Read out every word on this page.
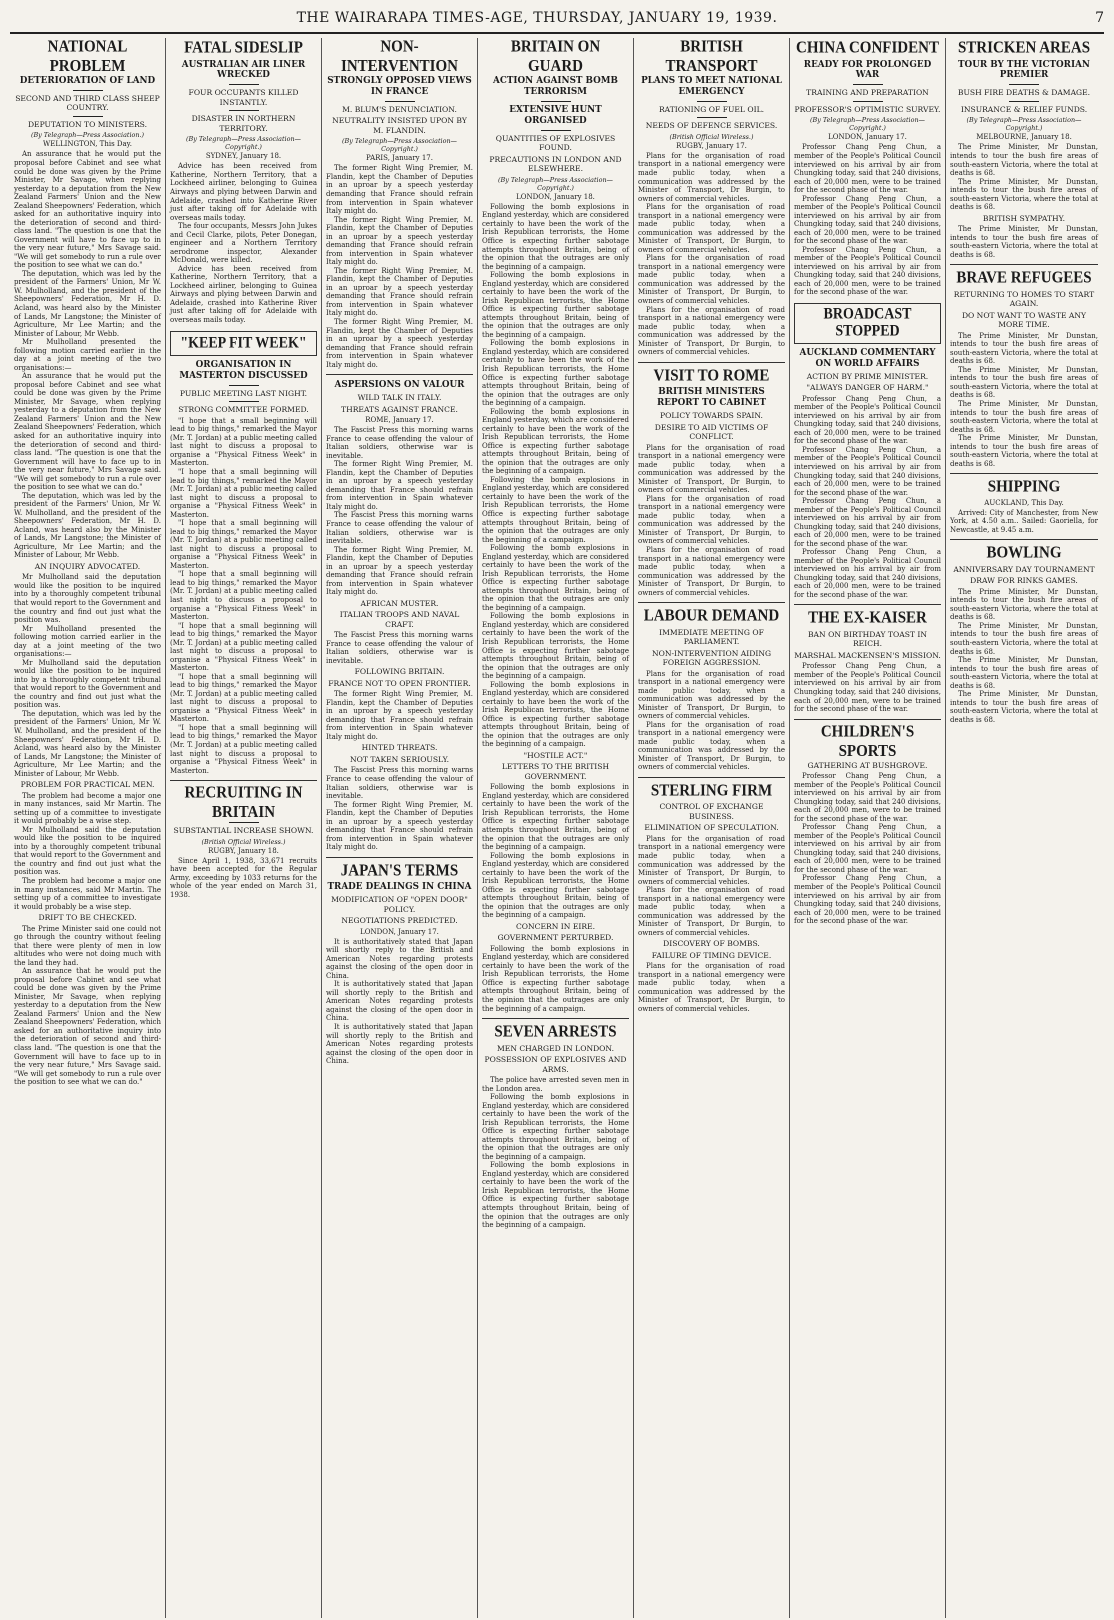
THE WAIRARAPA TIMES-AGE, THURSDAY, JANUARY 19, 1939.	7
NATIONAL PROBLEM
DETERIORATION OF LAND
SECOND AND THIRD CLASS SHEEP COUNTRY.
DEPUTATION TO MINISTERS.
(By Telegraph—Press Association.)
WELLINGTON, This Day.

An assurance that he would put the proposal before Cabinet and see what could be done was given by the Prime Minister, Mr Savage, when replying yesterday to a deputation from the New Zealand Farmers' Union and the New Zealand Sheepowners' Federation, which asked for an authoritative inquiry into the deterioration of second and third-class land. "The question is one that the Government will have to face up to in the very near future," Mrs Savage said. "We will get somebody to run a rule over the position to see what we can do."

The deputation, which was led by the president of the Farmers' Union, Mr W. W. Mulholland, and the president of the Sheepowners' Federation, Mr H. D. Acland, was heard also by the Minister of Lands, Mr Langstone; the Minister of Agriculture, Mr Lee Martin; and the Minister of Labour, Mr Webb.

Mr Mulholland presented the following motion carried earlier in the day at a joint meeting of the two organisations:—

An assurance that he would put the proposal before Cabinet and see what could be done was given by the Prime Minister, Mr Savage, when replying yesterday to a deputation from the New Zealand Farmers' Union and the New Zealand Sheepowners' Federation, which asked for an authoritative inquiry into the deterioration of second and third-class land. "The question is one that the Government will have to face up to in the very near future," Mrs Savage said. "We will get somebody to run a rule over the position to see what we can do."

The deputation, which was led by the president of the Farmers' Union, Mr W. W. Mulholland, and the president of the Sheepowners' Federation, Mr H. D. Acland, was heard also by the Minister of Lands, Mr Langstone; the Minister of Agriculture, Mr Lee Martin; and the Minister of Labour, Mr Webb.

AN INQUIRY ADVOCATED.

Mr Mulholland said the deputation would like the position to be inquired into by a thoroughly competent tribunal that would report to the Government and the country and find out just what the position was.

Mr Mulholland presented the following motion carried earlier in the day at a joint meeting of the two organisations:—

Mr Mulholland said the deputation would like the position to be inquired into by a thoroughly competent tribunal that would report to the Government and the country and find out just what the position was.

The deputation, which was led by the president of the Farmers' Union, Mr W. W. Mulholland, and the president of the Sheepowners' Federation, Mr H. D. Acland, was heard also by the Minister of Lands, Mr Langstone; the Minister of Agriculture, Mr Lee Martin; and the Minister of Labour, Mr Webb.

PROBLEM FOR PRACTICAL MEN.

The problem had become a major one in many instances, said Mr Martin. The setting up of a committee to investigate it would probably be a wise step.

Mr Mulholland said the deputation would like the position to be inquired into by a thoroughly competent tribunal that would report to the Government and the country and find out just what the position was.

The problem had become a major one in many instances, said Mr Martin. The setting up of a committee to investigate it would probably be a wise step.

DRIFT TO BE CHECKED.

The Prime Minister said one could not go through the country without feeling that there were plenty of men in low altitudes who were not doing much with the land they had.

An assurance that he would put the proposal before Cabinet and see what could be done was given by the Prime Minister, Mr Savage, when replying yesterday to a deputation from the New Zealand Farmers' Union and the New Zealand Sheepowners' Federation, which asked for an authoritative inquiry into the deterioration of second and third-class land. "The question is one that the Government will have to face up to in the very near future," Mrs Savage said. "We will get somebody to run a rule over the position to see what we can do."

FATAL SIDESLIP
AUSTRALIAN AIR LINER WRECKED
FOUR OCCUPANTS KILLED INSTANTLY.
DISASTER IN NORTHERN TERRITORY.
(By Telegraph—Press Association—Copyright.)
SYDNEY, January 18.

Advice has been received from Katherine, Northern Territory, that a Lockheed airliner, belonging to Guinea Airways and plying between Darwin and Adelaide, crashed into Katherine River just after taking off for Adelaide with overseas mails today.

The four occupants, Messrs John Jukes and Cecil Clarke, pilots, Peter Donegan, engineer and a Northern Territory aerodrome inspector, Alexander McDonald, were killed.

Advice has been received from Katherine, Northern Territory, that a Lockheed airliner, belonging to Guinea Airways and plying between Darwin and Adelaide, crashed into Katherine River just after taking off for Adelaide with overseas mails today.

"KEEP FIT WEEK"
ORGANISATION IN MASTERTON DISCUSSED
PUBLIC MEETING LAST NIGHT.
STRONG COMMITTEE FORMED.

"I hope that a small beginning will lead to big things," remarked the Mayor (Mr. T. Jordan) at a public meeting called last night to discuss a proposal to organise a "Physical Fitness Week" in Masterton.

"I hope that a small beginning will lead to big things," remarked the Mayor (Mr. T. Jordan) at a public meeting called last night to discuss a proposal to organise a "Physical Fitness Week" in Masterton.

"I hope that a small beginning will lead to big things," remarked the Mayor (Mr. T. Jordan) at a public meeting called last night to discuss a proposal to organise a "Physical Fitness Week" in Masterton.

"I hope that a small beginning will lead to big things," remarked the Mayor (Mr. T. Jordan) at a public meeting called last night to discuss a proposal to organise a "Physical Fitness Week" in Masterton.

"I hope that a small beginning will lead to big things," remarked the Mayor (Mr. T. Jordan) at a public meeting called last night to discuss a proposal to organise a "Physical Fitness Week" in Masterton.

"I hope that a small beginning will lead to big things," remarked the Mayor (Mr. T. Jordan) at a public meeting called last night to discuss a proposal to organise a "Physical Fitness Week" in Masterton.

"I hope that a small beginning will lead to big things," remarked the Mayor (Mr. T. Jordan) at a public meeting called last night to discuss a proposal to organise a "Physical Fitness Week" in Masterton.

RECRUITING IN BRITAIN
SUBSTANTIAL INCREASE SHOWN.
(British Official Wireless.)
RUGBY, January 18.

Since April 1, 1938, 33,671 recruits have been accepted for the Regular Army, exceeding by 1033 returns for the whole of the year ended on March 31, 1938.

NON-INTERVENTION
STRONGLY OPPOSED VIEWS IN FRANCE
M. BLUM'S DENUNCIATION.
NEUTRALITY INSISTED UPON BY M. FLANDIN.
(By Telegraph—Press Association—Copyright.)
PARIS, January 17.

The former Right Wing Premier, M. Flandin, kept the Chamber of Deputies in an uproar by a speech yesterday demanding that France should refrain from intervention in Spain whatever Italy might do.

The former Right Wing Premier, M. Flandin, kept the Chamber of Deputies in an uproar by a speech yesterday demanding that France should refrain from intervention in Spain whatever Italy might do.

The former Right Wing Premier, M. Flandin, kept the Chamber of Deputies in an uproar by a speech yesterday demanding that France should refrain from intervention in Spain whatever Italy might do.

The former Right Wing Premier, M. Flandin, kept the Chamber of Deputies in an uproar by a speech yesterday demanding that France should refrain from intervention in Spain whatever Italy might do.

ASPERSIONS ON VALOUR
WILD TALK IN ITALY.
THREATS AGAINST FRANCE.
ROME, January 17.

The Fascist Press this morning warns France to cease offending the valour of Italian soldiers, otherwise war is inevitable.

The former Right Wing Premier, M. Flandin, kept the Chamber of Deputies in an uproar by a speech yesterday demanding that France should refrain from intervention in Spain whatever Italy might do.

The Fascist Press this morning warns France to cease offending the valour of Italian soldiers, otherwise war is inevitable.

The former Right Wing Premier, M. Flandin, kept the Chamber of Deputies in an uproar by a speech yesterday demanding that France should refrain from intervention in Spain whatever Italy might do.

AFRICAN MUSTER.
ITALIAN TROOPS AND NAVAL CRAFT.

The Fascist Press this morning warns France to cease offending the valour of Italian soldiers, otherwise war is inevitable.

FOLLOWING BRITAIN.
FRANCE NOT TO OPEN FRONTIER.

The former Right Wing Premier, M. Flandin, kept the Chamber of Deputies in an uproar by a speech yesterday demanding that France should refrain from intervention in Spain whatever Italy might do.

HINTED THREATS.
NOT TAKEN SERIOUSLY.

The Fascist Press this morning warns France to cease offending the valour of Italian soldiers, otherwise war is inevitable.

The former Right Wing Premier, M. Flandin, kept the Chamber of Deputies in an uproar by a speech yesterday demanding that France should refrain from intervention in Spain whatever Italy might do.

JAPAN'S TERMS
TRADE DEALINGS IN CHINA
MODIFICATION OF "OPEN DOOR" POLICY.
NEGOTIATIONS PREDICTED.
LONDON, January 17.

It is authoritatively stated that Japan will shortly reply to the British and American Notes regarding protests against the closing of the open door in China.

It is authoritatively stated that Japan will shortly reply to the British and American Notes regarding protests against the closing of the open door in China.

It is authoritatively stated that Japan will shortly reply to the British and American Notes regarding protests against the closing of the open door in China.

BRITAIN ON GUARD
ACTION AGAINST BOMB TERRORISM
EXTENSIVE HUNT ORGANISED
QUANTITIES OF EXPLOSIVES FOUND.
PRECAUTIONS IN LONDON AND ELSEWHERE.
(By Telegraph—Press Association—Copyright.)
LONDON, January 18.

Following the bomb explosions in England yesterday, which are considered certainly to have been the work of the Irish Republican terrorists, the Home Office is expecting further sabotage attempts throughout Britain, being of the opinion that the outrages are only the beginning of a campaign.

Following the bomb explosions in England yesterday, which are considered certainly to have been the work of the Irish Republican terrorists, the Home Office is expecting further sabotage attempts throughout Britain, being of the opinion that the outrages are only the beginning of a campaign.

Following the bomb explosions in England yesterday, which are considered certainly to have been the work of the Irish Republican terrorists, the Home Office is expecting further sabotage attempts throughout Britain, being of the opinion that the outrages are only the beginning of a campaign.

Following the bomb explosions in England yesterday, which are considered certainly to have been the work of the Irish Republican terrorists, the Home Office is expecting further sabotage attempts throughout Britain, being of the opinion that the outrages are only the beginning of a campaign.

Following the bomb explosions in England yesterday, which are considered certainly to have been the work of the Irish Republican terrorists, the Home Office is expecting further sabotage attempts throughout Britain, being of the opinion that the outrages are only the beginning of a campaign.

Following the bomb explosions in England yesterday, which are considered certainly to have been the work of the Irish Republican terrorists, the Home Office is expecting further sabotage attempts throughout Britain, being of the opinion that the outrages are only the beginning of a campaign.

Following the bomb explosions in England yesterday, which are considered certainly to have been the work of the Irish Republican terrorists, the Home Office is expecting further sabotage attempts throughout Britain, being of the opinion that the outrages are only the beginning of a campaign.

Following the bomb explosions in England yesterday, which are considered certainly to have been the work of the Irish Republican terrorists, the Home Office is expecting further sabotage attempts throughout Britain, being of the opinion that the outrages are only the beginning of a campaign.

"HOSTILE ACT."
LETTERS TO THE BRITISH GOVERNMENT.

Following the bomb explosions in England yesterday, which are considered certainly to have been the work of the Irish Republican terrorists, the Home Office is expecting further sabotage attempts throughout Britain, being of the opinion that the outrages are only the beginning of a campaign.

Following the bomb explosions in England yesterday, which are considered certainly to have been the work of the Irish Republican terrorists, the Home Office is expecting further sabotage attempts throughout Britain, being of the opinion that the outrages are only the beginning of a campaign.

CONCERN IN EIRE.
GOVERNMENT PERTURBED.

Following the bomb explosions in England yesterday, which are considered certainly to have been the work of the Irish Republican terrorists, the Home Office is expecting further sabotage attempts throughout Britain, being of the opinion that the outrages are only the beginning of a campaign.

SEVEN ARRESTS
MEN CHARGED IN LONDON.
POSSESSION OF EXPLOSIVES AND ARMS.

The police have arrested seven men in the London area.

Following the bomb explosions in England yesterday, which are considered certainly to have been the work of the Irish Republican terrorists, the Home Office is expecting further sabotage attempts throughout Britain, being of the opinion that the outrages are only the beginning of a campaign.

Following the bomb explosions in England yesterday, which are considered certainly to have been the work of the Irish Republican terrorists, the Home Office is expecting further sabotage attempts throughout Britain, being of the opinion that the outrages are only the beginning of a campaign.

BRITISH TRANSPORT
PLANS TO MEET NATIONAL EMERGENCY
RATIONING OF FUEL OIL.
NEEDS OF DEFENCE SERVICES.
(British Official Wireless.)
RUGBY, January 17.

Plans for the organisation of road transport in a national emergency were made public today, when a communication was addressed by the Minister of Transport, Dr Burgin, to owners of commercial vehicles.

Plans for the organisation of road transport in a national emergency were made public today, when a communication was addressed by the Minister of Transport, Dr Burgin, to owners of commercial vehicles.

Plans for the organisation of road transport in a national emergency were made public today, when a communication was addressed by the Minister of Transport, Dr Burgin, to owners of commercial vehicles.

Plans for the organisation of road transport in a national emergency were made public today, when a communication was addressed by the Minister of Transport, Dr Burgin, to owners of commercial vehicles.

VISIT TO ROME
BRITISH MINISTERS REPORT TO CABINET
POLICY TOWARDS SPAIN.
DESIRE TO AID VICTIMS OF CONFLICT.

Plans for the organisation of road transport in a national emergency were made public today, when a communication was addressed by the Minister of Transport, Dr Burgin, to owners of commercial vehicles.

Plans for the organisation of road transport in a national emergency were made public today, when a communication was addressed by the Minister of Transport, Dr Burgin, to owners of commercial vehicles.

Plans for the organisation of road transport in a national emergency were made public today, when a communication was addressed by the Minister of Transport, Dr Burgin, to owners of commercial vehicles.

LABOUR DEMAND
IMMEDIATE MEETING OF PARLIAMENT.
NON-INTERVENTION AIDING FOREIGN AGGRESSION.

Plans for the organisation of road transport in a national emergency were made public today, when a communication was addressed by the Minister of Transport, Dr Burgin, to owners of commercial vehicles.

Plans for the organisation of road transport in a national emergency were made public today, when a communication was addressed by the Minister of Transport, Dr Burgin, to owners of commercial vehicles.

STERLING FIRM
CONTROL OF EXCHANGE BUSINESS.
ELIMINATION OF SPECULATION.

Plans for the organisation of road transport in a national emergency were made public today, when a communication was addressed by the Minister of Transport, Dr Burgin, to owners of commercial vehicles.

Plans for the organisation of road transport in a national emergency were made public today, when a communication was addressed by the Minister of Transport, Dr Burgin, to owners of commercial vehicles.

DISCOVERY OF BOMBS.
FAILURE OF TIMING DEVICE.

Plans for the organisation of road transport in a national emergency were made public today, when a communication was addressed by the Minister of Transport, Dr Burgin, to owners of commercial vehicles.

CHINA CONFIDENT
READY FOR PROLONGED WAR
TRAINING AND PREPARATION
PROFESSOR'S OPTIMISTIC SURVEY.
(By Telegraph—Press Association—Copyright.)
LONDON, January 17.

Professor Chang Peng Chun, a member of the People's Political Council interviewed on his arrival by air from Chungking today, said that 240 divisions, each of 20,000 men, were to be trained for the second phase of the war.

Professor Chang Peng Chun, a member of the People's Political Council interviewed on his arrival by air from Chungking today, said that 240 divisions, each of 20,000 men, were to be trained for the second phase of the war.

Professor Chang Peng Chun, a member of the People's Political Council interviewed on his arrival by air from Chungking today, said that 240 divisions, each of 20,000 men, were to be trained for the second phase of the war.

BROADCAST STOPPED
AUCKLAND COMMENTARY ON WORLD AFFAIRS
ACTION BY PRIME MINISTER.
"ALWAYS DANGER OF HARM."

Professor Chang Peng Chun, a member of the People's Political Council interviewed on his arrival by air from Chungking today, said that 240 divisions, each of 20,000 men, were to be trained for the second phase of the war.

Professor Chang Peng Chun, a member of the People's Political Council interviewed on his arrival by air from Chungking today, said that 240 divisions, each of 20,000 men, were to be trained for the second phase of the war.

Professor Chang Peng Chun, a member of the People's Political Council interviewed on his arrival by air from Chungking today, said that 240 divisions, each of 20,000 men, were to be trained for the second phase of the war.

Professor Chang Peng Chun, a member of the People's Political Council interviewed on his arrival by air from Chungking today, said that 240 divisions, each of 20,000 men, were to be trained for the second phase of the war.

THE EX-KAISER
BAN ON BIRTHDAY TOAST IN REICH.
MARSHAL MACKENSEN'S MISSION.

Professor Chang Peng Chun, a member of the People's Political Council interviewed on his arrival by air from Chungking today, said that 240 divisions, each of 20,000 men, were to be trained for the second phase of the war.

CHILDREN'S SPORTS
GATHERING AT BUSHGROVE.

Professor Chang Peng Chun, a member of the People's Political Council interviewed on his arrival by air from Chungking today, said that 240 divisions, each of 20,000 men, were to be trained for the second phase of the war.

Professor Chang Peng Chun, a member of the People's Political Council interviewed on his arrival by air from Chungking today, said that 240 divisions, each of 20,000 men, were to be trained for the second phase of the war.

Professor Chang Peng Chun, a member of the People's Political Council interviewed on his arrival by air from Chungking today, said that 240 divisions, each of 20,000 men, were to be trained for the second phase of the war.

STRICKEN AREAS
TOUR BY THE VICTORIAN PREMIER
BUSH FIRE DEATHS & DAMAGE.
INSURANCE & RELIEF FUNDS.
(By Telegraph—Press Association—Copyright.)
MELBOURNE, January 18.

The Prime Minister, Mr Dunstan, intends to tour the bush fire areas of south-eastern Victoria, where the total at deaths is 68.

The Prime Minister, Mr Dunstan, intends to tour the bush fire areas of south-eastern Victoria, where the total at deaths is 68.

BRITISH SYMPATHY.

The Prime Minister, Mr Dunstan, intends to tour the bush fire areas of south-eastern Victoria, where the total at deaths is 68.

BRAVE REFUGEES
RETURNING TO HOMES TO START AGAIN.
DO NOT WANT TO WASTE ANY MORE TIME.

The Prime Minister, Mr Dunstan, intends to tour the bush fire areas of south-eastern Victoria, where the total at deaths is 68.

The Prime Minister, Mr Dunstan, intends to tour the bush fire areas of south-eastern Victoria, where the total at deaths is 68.

The Prime Minister, Mr Dunstan, intends to tour the bush fire areas of south-eastern Victoria, where the total at deaths is 68.

The Prime Minister, Mr Dunstan, intends to tour the bush fire areas of south-eastern Victoria, where the total at deaths is 68.

SHIPPING
AUCKLAND, This Day.

Arrived: City of Manchester, from New York, at 4.50 a.m.. Sailed: Gaoriella, for Newcastle, at 9.45 a.m.

BOWLING
ANNIVERSARY DAY TOURNAMENT
DRAW FOR RINKS GAMES.

The Prime Minister, Mr Dunstan, intends to tour the bush fire areas of south-eastern Victoria, where the total at deaths is 68.

The Prime Minister, Mr Dunstan, intends to tour the bush fire areas of south-eastern Victoria, where the total at deaths is 68.

The Prime Minister, Mr Dunstan, intends to tour the bush fire areas of south-eastern Victoria, where the total at deaths is 68.

The Prime Minister, Mr Dunstan, intends to tour the bush fire areas of south-eastern Victoria, where the total at deaths is 68.
